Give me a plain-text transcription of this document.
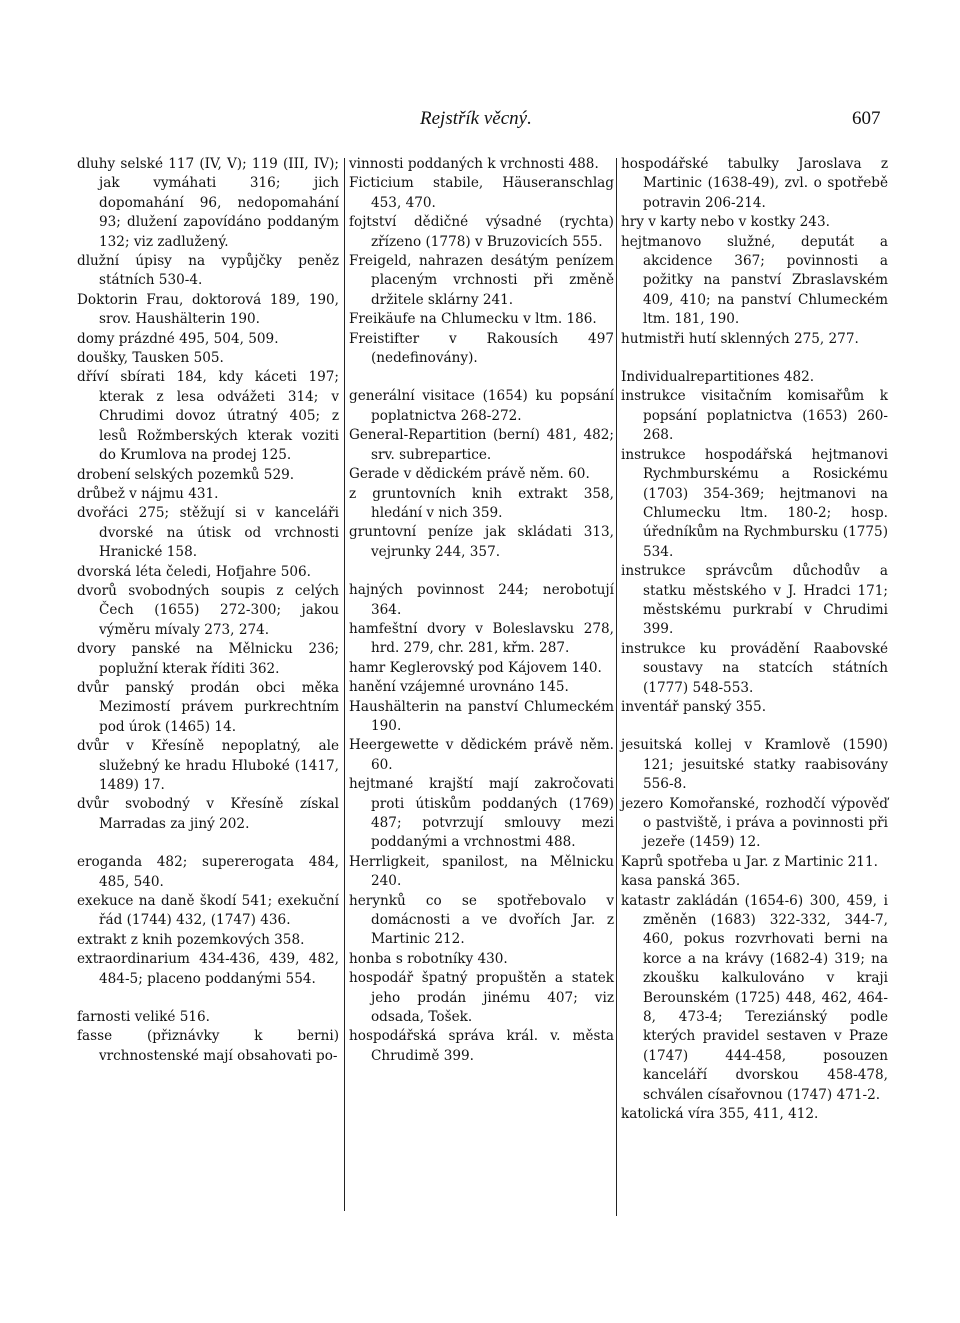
Rejstřík věcný.	607

dluhy selské 117 (IV, V); 119 (III, IV); jak vymáhati 316; jich dopomahání 96, nedopomahání 93; dlužení zapovídáno poddaným 132; viz zadlužený.

dlužní úpisy na vypůjčky peněz státních 530-4.

Doktorin Frau, doktorová 189, 190, srov. Haushälterin 190.

domy prázdné 495, 504, 509.

doušky, Tausken 505.

dříví sbírati 184, kdy káceti 197; kterak z lesa odvážeti 314; v Chrudimi dovoz útratný 405; z lesů Rožmberských kterak voziti do Krumlova na prodej 125.

drobení selských pozemků 529.

drůbež v nájmu 431.

dvořáci 275; stěžují si v kanceláři dvorské na útisk od vrchnosti Hranické 158.

dvorská léta čeledi, Hofjahre 506.

dvorů svobodných soupis z celých Čech (1655) 272-300; jakou výměru mívaly 273, 274.

dvory panské na Mělnicku 236; poplužní kterak říditi 362.

dvůr panský prodán obci měka Mezimostí právem purkrechtním pod úrok (1465) 14.

dvůr v Křesíně nepoplatný, ale služebný ke hradu Hluboké (1417, 1489) 17.

dvůr svobodný v Křesíně získal Marradas za jiný 202.

eroganda 482; supererogata 484, 485, 540.

exekuce na daně škodí 541; exekuční řád (1744) 432, (1747) 436.

extrakt z knih pozemkových 358.

extraordinarium 434-436, 439, 482, 484-5; placeno poddanými 554.

farnosti veliké 516.

fasse (přiznávky k berni) vrchnostenské mají obsahovati po-

vinnosti poddaných k vrchnosti 488.

Ficticium stabile, Häuseranschlag 453, 470.

fojtství dědičné výsadné (rychta) zřízeno (1778) v Bruzovicích 555.

Freigeld, nahrazen desátým penízem placeným vrchnosti při změně držitele sklárny 241.

Freikäufe na Chlumecku v ltm. 186.

Freistifter v Rakousích 497 (nedefinovány).

generální visitace (1654) ku popsání poplatnictva 268-272.

General-Repartition (berní) 481, 482; srv. subrepartice.

Gerade v dědickém právě něm. 60.

z gruntovních knih extrakt 358, hledání v nich 359.

gruntovní peníze jak skládati 313, vejrunky 244, 357.

hajných povinnost 244; nerobotují 364.

hamfeštní dvory v Boleslavsku 278, hrd. 279, chr. 281, křm. 287.

hamr Keglerovský pod Kájovem 140.

hanění vzájemné urovnáno 145.

Haushälterin na panství Chlumeckém 190.

Heergewette v dědickém právě něm. 60.

hejtmané krajští mají zakročovati proti útiskům poddaných (1769) 487; potvrzují smlouvy mezi poddanými a vrchnostmi 488.

Herrligkeit, spanilost, na Mělnicku 240.

herynků co se spotřebovalo v domácnosti a ve dvořích Jar. z Martinic 212.

honba s robotníky 430.

hospodář špatný propuštěn a statek jeho prodán jinému 407; viz odsada, Tošek.

hospodářská správa král. v. města Chrudimě 399.

hospodářské tabulky Jaroslava z Martinic (1638-49), zvl. o spotřebě potravin 206-214.

hry v karty nebo v kostky 243.

hejtmanovo služné, deputát a akcidence 367; povinnosti a požitky na panství Zbraslavském 409, 410; na panství Chlumeckém ltm. 181, 190.

hutmistři hutí sklenných 275, 277.

Individualrepartitiones 482.

instrukce visitačním komisařům k popsání poplatnictva (1653) 260-268.

instrukce hospodářská hejtmanovi Rychmburskému a Rosickému (1703) 354-369; hejtmanovi na Chlumecku ltm. 180-2; hosp. úředníkům na Rychmbursku (1775) 534.

instrukce správcům důchodův a statku městského v J. Hradci 171; městskému purkrabí v Chrudimi 399.

instrukce ku provádění Raabovské soustavy na statcích státních (1777) 548-553.

inventář panský 355.

jesuitská kollej v Kramlově (1590) 121; jesuitské statky raabisovány 556-8.

jezero Komořanské, rozhodčí výpověď o pastviště, i práva a povinnosti při jezeře (1459) 12.

Kaprů spotřeba u Jar. z Martinic 211.

kasa panská 365.

katastr zakládán (1654-6) 300, 459, i změněn (1683) 322-332, 344-7, 460, pokus rozvrhovati berni na korce a na krávy (1682-4) 319; na zkoušku kalkulováno v kraji Berounském (1725) 448, 462, 464-8, 473-4; Tereziánský podle kterých pravidel sestaven v Praze (1747) 444-458, posouzen kanceláří dvorskou 458-478, schválen císařovnou (1747) 471-2.

katolická víra 355, 411, 412.
